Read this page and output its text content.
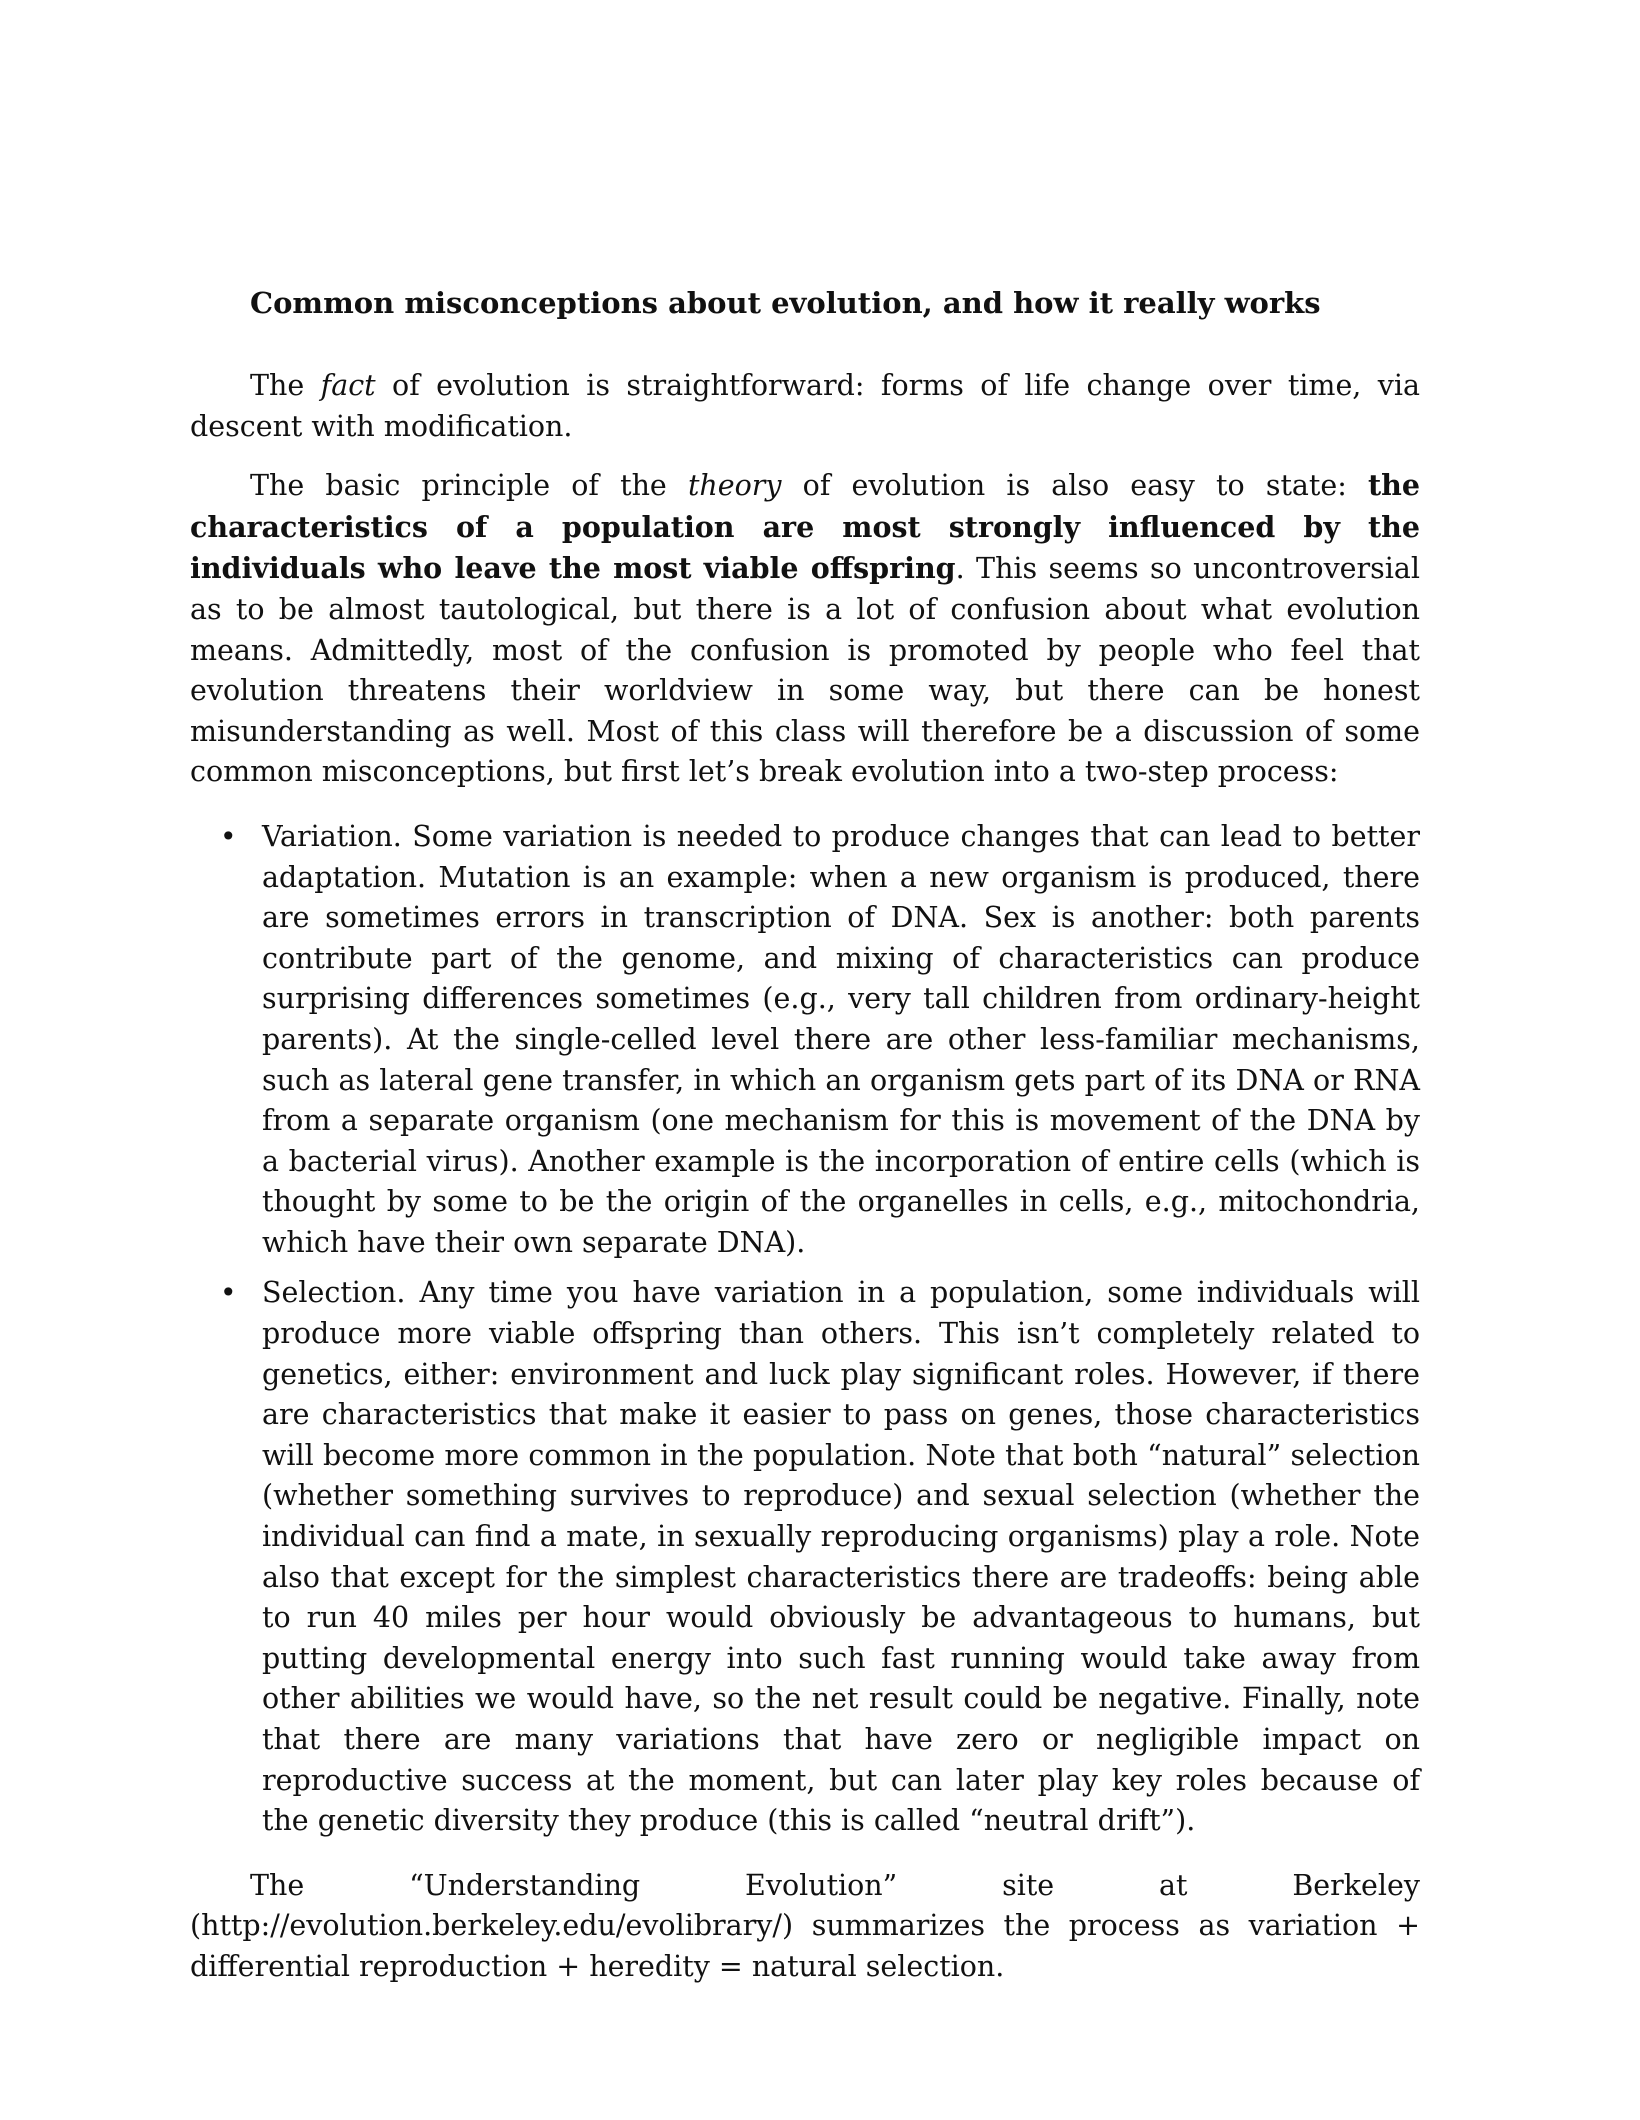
Common misconceptions about evolution, and how it really works

The fact of evolution is straightforward: forms of life change over time, via descent with modification.

The basic principle of the theory of evolution is also easy to state: the characteristics of a population are most strongly influenced by the individuals who leave the most viable offspring. This seems so uncontroversial as to be almost tautological, but there is a lot of confusion about what evolution means. Admittedly, most of the confusion is promoted by people who feel that evolution threatens their worldview in some way, but there can be honest misunderstanding as well. Most of this class will therefore be a discussion of some common misconceptions, but first let’s break evolution into a two-step process:

• Variation. Some variation is needed to produce changes that can lead to better adaptation. Mutation is an example: when a new organism is produced, there are sometimes errors in transcription of DNA. Sex is another: both parents contribute part of the genome, and mixing of characteristics can produce surprising differences sometimes (e.g., very tall children from ordinary-height parents). At the single-celled level there are other less-familiar mechanisms, such as lateral gene transfer, in which an organism gets part of its DNA or RNA from a separate organism (one mechanism for this is movement of the DNA by a bacterial virus). Another example is the incorporation of entire cells (which is thought by some to be the origin of the organelles in cells, e.g., mitochondria, which have their own separate DNA).
• Selection. Any time you have variation in a population, some individuals will produce more viable offspring than others. This isn’t completely related to genetics, either: environment and luck play significant roles. However, if there are characteristics that make it easier to pass on genes, those characteristics will become more common in the population. Note that both “natural” selection (whether something survives to reproduce) and sexual selection (whether the individual can find a mate, in sexually reproducing organisms) play a role. Note also that except for the simplest characteristics there are tradeoffs: being able to run 40 miles per hour would obviously be advantageous to humans, but putting developmental energy into such fast running would take away from other abilities we would have, so the net result could be negative. Finally, note that there are many variations that have zero or negligible impact on reproductive success at the moment, but can later play key roles because of the genetic diversity they produce (this is called “neutral drift”).

The “Understanding Evolution” site at Berkeley (http://evolution.berkeley.edu/evolibrary/) summarizes the process as variation + differential reproduction + heredity = natural selection.
